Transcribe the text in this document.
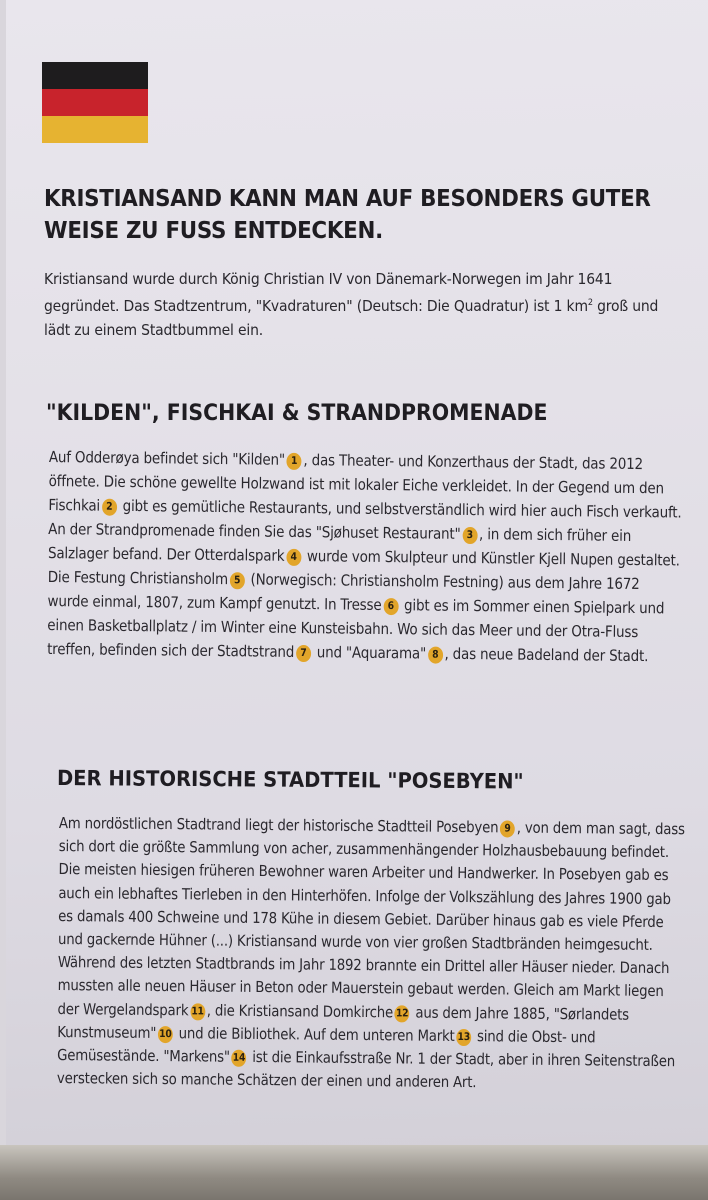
KRISTIANSAND KANN MAN AUF BESONDERS GUTER WEISE ZU FUSS ENTDECKEN.

Kristiansand wurde durch König Christian IV von Dänemark-Norwegen im Jahr 1641 gegründet. Das Stadtzentrum, "Kvadraturen" (Deutsch: Die Quadratur) ist 1 $km^2$ groß und lädt zu einem Stadtbummel ein.

"KILDEN", FISCHKAI & STRANDPROMENADE

Auf Odderøya befindet sich "Kilden" 1 , das Theater- und Konzerthaus der Stadt, das 2012 öffnete. Die schöne gewellte Holzwand ist mit lokaler Eiche verkleidet. In der Gegend um den Fischkai 2 gibt es gemütliche Restaurants, und selbstverständlich wird hier auch Fisch verkauft. An der Strandpromenade finden Sie das "Sjøhuset Restaurant" 3 , in dem sich früher ein Salzlager befand. Der Otterdalspark 4 wurde vom Skulpteur und Künstler Kjell Nupen gestaltet. Die Festung Christiansholm 5 (Norwegisch: Christiansholm Festning) aus dem Jahre 1672 wurde einmal, 1807, zum Kampf genutzt. In Tresse 6 gibt es im Sommer einen Spielpark und einen Basketballplatz / im Winter eine Kunsteisbahn. Wo sich das Meer und der Otra-Fluss treffen, befinden sich der Stadtstrand 7 und "Aquarama" 8 , das neue Badeland der Stadt.

DER HISTORISCHE STADTTEIL "POSEBYEN"

Am nordöstlichen Stadtrand liegt der historische Stadtteil Posebyen 9 , von dem man sagt, dass sich dort die größte Sammlung von acher, zusammenhängender Holzhausbebauung befindet. Die meisten hiesigen früheren Bewohner waren Arbeiter und Handwerker. In Posebyen gab es auch ein lebhaftes Tierleben in den Hinterhöfen. Infolge der Volkszählung des Jahres 1900 gab es damals 400 Schweine und 178 Kühe in diesem Gebiet. Darüber hinaus gab es viele Pferde und gackernde Hühner (...) Kristiansand wurde von vier großen Stadtbränden heimgesucht. Während des letzten Stadtbrands im Jahr 1892 brannte ein Drittel aller Häuser nieder. Danach mussten alle neuen Häuser in Beton oder Mauerstein gebaut werden. Gleich am Markt liegen der Wergelandspark 11 , die Kristiansand Domkirche 12 aus dem Jahre 1885, "Sørlandets Kunstmuseum" 10 und die Bibliothek. Auf dem unteren Markt 13 sind die Obst- und Gemüsestände. "Markens" 14 ist die Einkaufsstraße Nr. 1 der Stadt, aber in ihren Seitenstraßen verstecken sich so manche Schätzen der einen und anderen Art.
